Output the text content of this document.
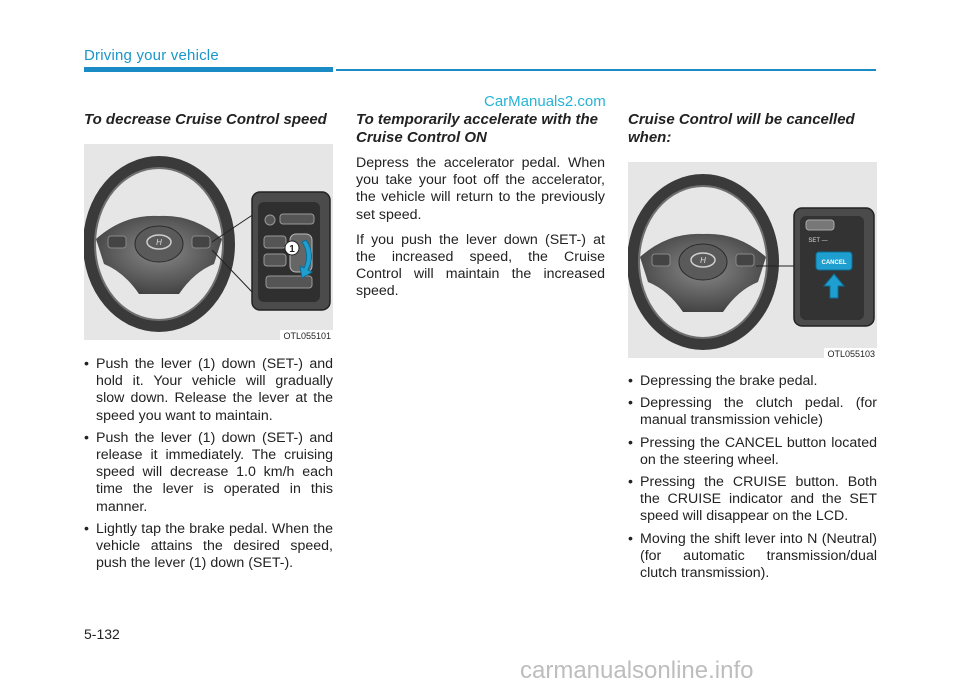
Driving your vehicle
CarManuals2.com
To decrease Cruise Control speed
H
1
OTL055101
• Push the lever (1) down (SET-) and hold it. Your vehicle will gradually slow down. Release the lever at the speed you want to maintain.
• Push the lever (1) down (SET-) and release it immediately. The cruising speed will decrease 1.0 km/h each time the lever is operated in this manner.
• Lightly tap the brake pedal. When the vehicle attains the desired speed, push the lever (1) down (SET-).
To temporarily accelerate with the Cruise Control ON

Depress the accelerator pedal. When you take your foot off the accelerator, the vehicle will return to the previously set speed.

If you push the lever down (SET-) at the increased speed, the Cruise Control will maintain the increased speed.

Cruise Control will be cancelled when:
H
SET —
CANCEL
OTL055103
• Depressing the brake pedal.
• Depressing the clutch pedal. (for manual transmission vehicle)
• Pressing the CANCEL button located on the steering wheel.
• Pressing the CRUISE button. Both the CRUISE indicator and the SET speed will disappear on the LCD.
• Moving the shift lever into N (Neutral) (for automatic transmission/dual clutch transmission).
5-132
carmanualsonline.info
